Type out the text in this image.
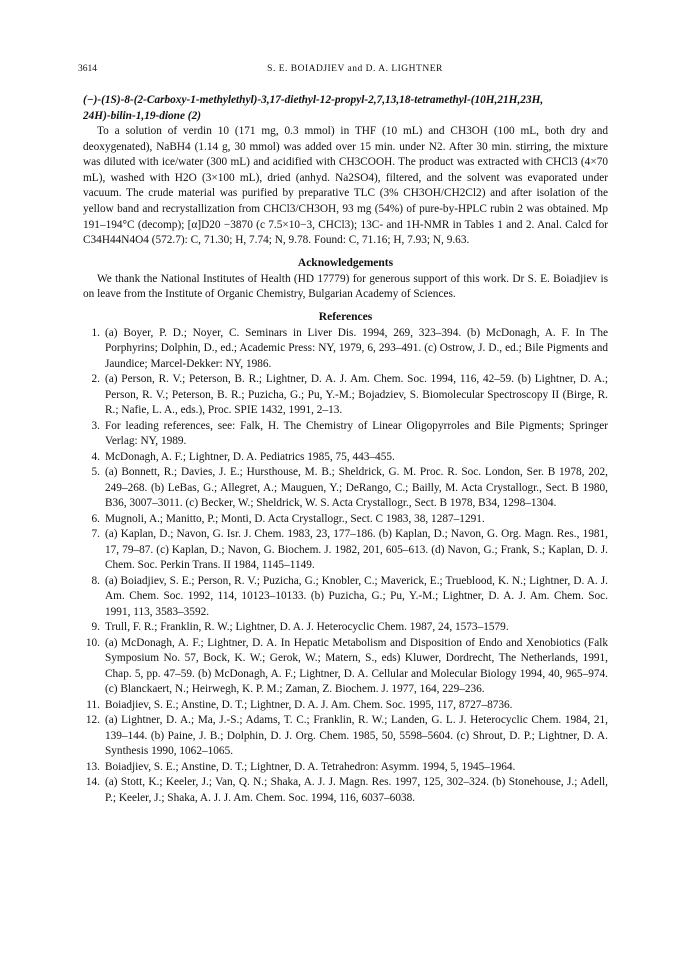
3614	S. E. BOIADJIEV and D. A. LIGHTNER
(−)-(1S)-8-(2-Carboxy-1-methylethyl)-3,17-diethyl-12-propyl-2,7,13,18-tetramethyl-(10H,21H,23H,
24H)-bilin-1,19-dione (2)

To a solution of verdin 10 (171 mg, 0.3 mmol) in THF (10 mL) and CH3OH (100 mL, both dry and deoxygenated), NaBH4 (1.14 g, 30 mmol) was added over 15 min. under N2. After 30 min. stirring, the mixture was diluted with ice/water (300 mL) and acidified with CH3COOH. The product was extracted with CHCl3 (4×70 mL), washed with H2O (3×100 mL), dried (anhyd. Na2SO4), filtered, and the solvent was evaporated under vacuum. The crude material was purified by preparative TLC (3% CH3OH/CH2Cl2) and after isolation of the yellow band and recrystallization from CHCl3/CH3OH, 93 mg (54%) of pure-by-HPLC rubin 2 was obtained. Mp 191–194°C (decomp); [α]D20 −3870 (c 7.5×10−3, CHCl3); 13C- and 1H-NMR in Tables 1 and 2. Anal. Calcd for C34H44N4O4 (572.7): C, 71.30; H, 7.74; N, 9.78. Found: C, 71.16; H, 7.93; N, 9.63.

Acknowledgements

We thank the National Institutes of Health (HD 17779) for generous support of this work. Dr S. E. Boiadjiev is on leave from the Institute of Organic Chemistry, Bulgarian Academy of Sciences.

References
1. (a) Boyer, P. D.; Noyer, C. Seminars in Liver Dis. 1994, 269, 323–394. (b) McDonagh, A. F. In The Porphyrins; Dolphin, D., ed.; Academic Press: NY, 1979, 6, 293–491. (c) Ostrow, J. D., ed.; Bile Pigments and Jaundice; Marcel-Dekker: NY, 1986.
2. (a) Person, R. V.; Peterson, B. R.; Lightner, D. A. J. Am. Chem. Soc. 1994, 116, 42–59. (b) Lightner, D. A.; Person, R. V.; Peterson, B. R.; Puzicha, G.; Pu, Y.-M.; Bojadziev, S. Biomolecular Spectroscopy II (Birge, R. R.; Nafie, L. A., eds.), Proc. SPIE 1432, 1991, 2–13.
3. For leading references, see: Falk, H. The Chemistry of Linear Oligopyrroles and Bile Pigments; Springer Verlag: NY, 1989.
4. McDonagh, A. F.; Lightner, D. A. Pediatrics 1985, 75, 443–455.
5. (a) Bonnett, R.; Davies, J. E.; Hursthouse, M. B.; Sheldrick, G. M. Proc. R. Soc. London, Ser. B 1978, 202, 249–268. (b) LeBas, G.; Allegret, A.; Mauguen, Y.; DeRango, C.; Bailly, M. Acta Crystallogr., Sect. B 1980, B36, 3007–3011. (c) Becker, W.; Sheldrick, W. S. Acta Crystallogr., Sect. B 1978, B34, 1298–1304.
6. Mugnoli, A.; Manitto, P.; Monti, D. Acta Crystallogr., Sect. C 1983, 38, 1287–1291.
7. (a) Kaplan, D.; Navon, G. Isr. J. Chem. 1983, 23, 177–186. (b) Kaplan, D.; Navon, G. Org. Magn. Res., 1981, 17, 79–87. (c) Kaplan, D.; Navon, G. Biochem. J. 1982, 201, 605–613. (d) Navon, G.; Frank, S.; Kaplan, D. J. Chem. Soc. Perkin Trans. II 1984, 1145–1149.
8. (a) Boiadjiev, S. E.; Person, R. V.; Puzicha, G.; Knobler, C.; Maverick, E.; Trueblood, K. N.; Lightner, D. A. J. Am. Chem. Soc. 1992, 114, 10123–10133. (b) Puzicha, G.; Pu, Y.-M.; Lightner, D. A. J. Am. Chem. Soc. 1991, 113, 3583–3592.
9. Trull, F. R.; Franklin, R. W.; Lightner, D. A. J. Heterocyclic Chem. 1987, 24, 1573–1579.
10. (a) McDonagh, A. F.; Lightner, D. A. In Hepatic Metabolism and Disposition of Endo and Xenobiotics (Falk Symposium No. 57, Bock, K. W.; Gerok, W.; Matern, S., eds) Kluwer, Dordrecht, The Netherlands, 1991, Chap. 5, pp. 47–59. (b) McDonagh, A. F.; Lightner, D. A. Cellular and Molecular Biology 1994, 40, 965–974. (c) Blanckaert, N.; Heirwegh, K. P. M.; Zaman, Z. Biochem. J. 1977, 164, 229–236.
11. Boiadjiev, S. E.; Anstine, D. T.; Lightner, D. A. J. Am. Chem. Soc. 1995, 117, 8727–8736.
12. (a) Lightner, D. A.; Ma, J.-S.; Adams, T. C.; Franklin, R. W.; Landen, G. L. J. Heterocyclic Chem. 1984, 21, 139–144. (b) Paine, J. B.; Dolphin, D. J. Org. Chem. 1985, 50, 5598–5604. (c) Shrout, D. P.; Lightner, D. A. Synthesis 1990, 1062–1065.
13. Boiadjiev, S. E.; Anstine, D. T.; Lightner, D. A. Tetrahedron: Asymm. 1994, 5, 1945–1964.
14. (a) Stott, K.; Keeler, J.; Van, Q. N.; Shaka, A. J. J. Magn. Res. 1997, 125, 302–324. (b) Stonehouse, J.; Adell, P.; Keeler, J.; Shaka, A. J. J. Am. Chem. Soc. 1994, 116, 6037–6038.
